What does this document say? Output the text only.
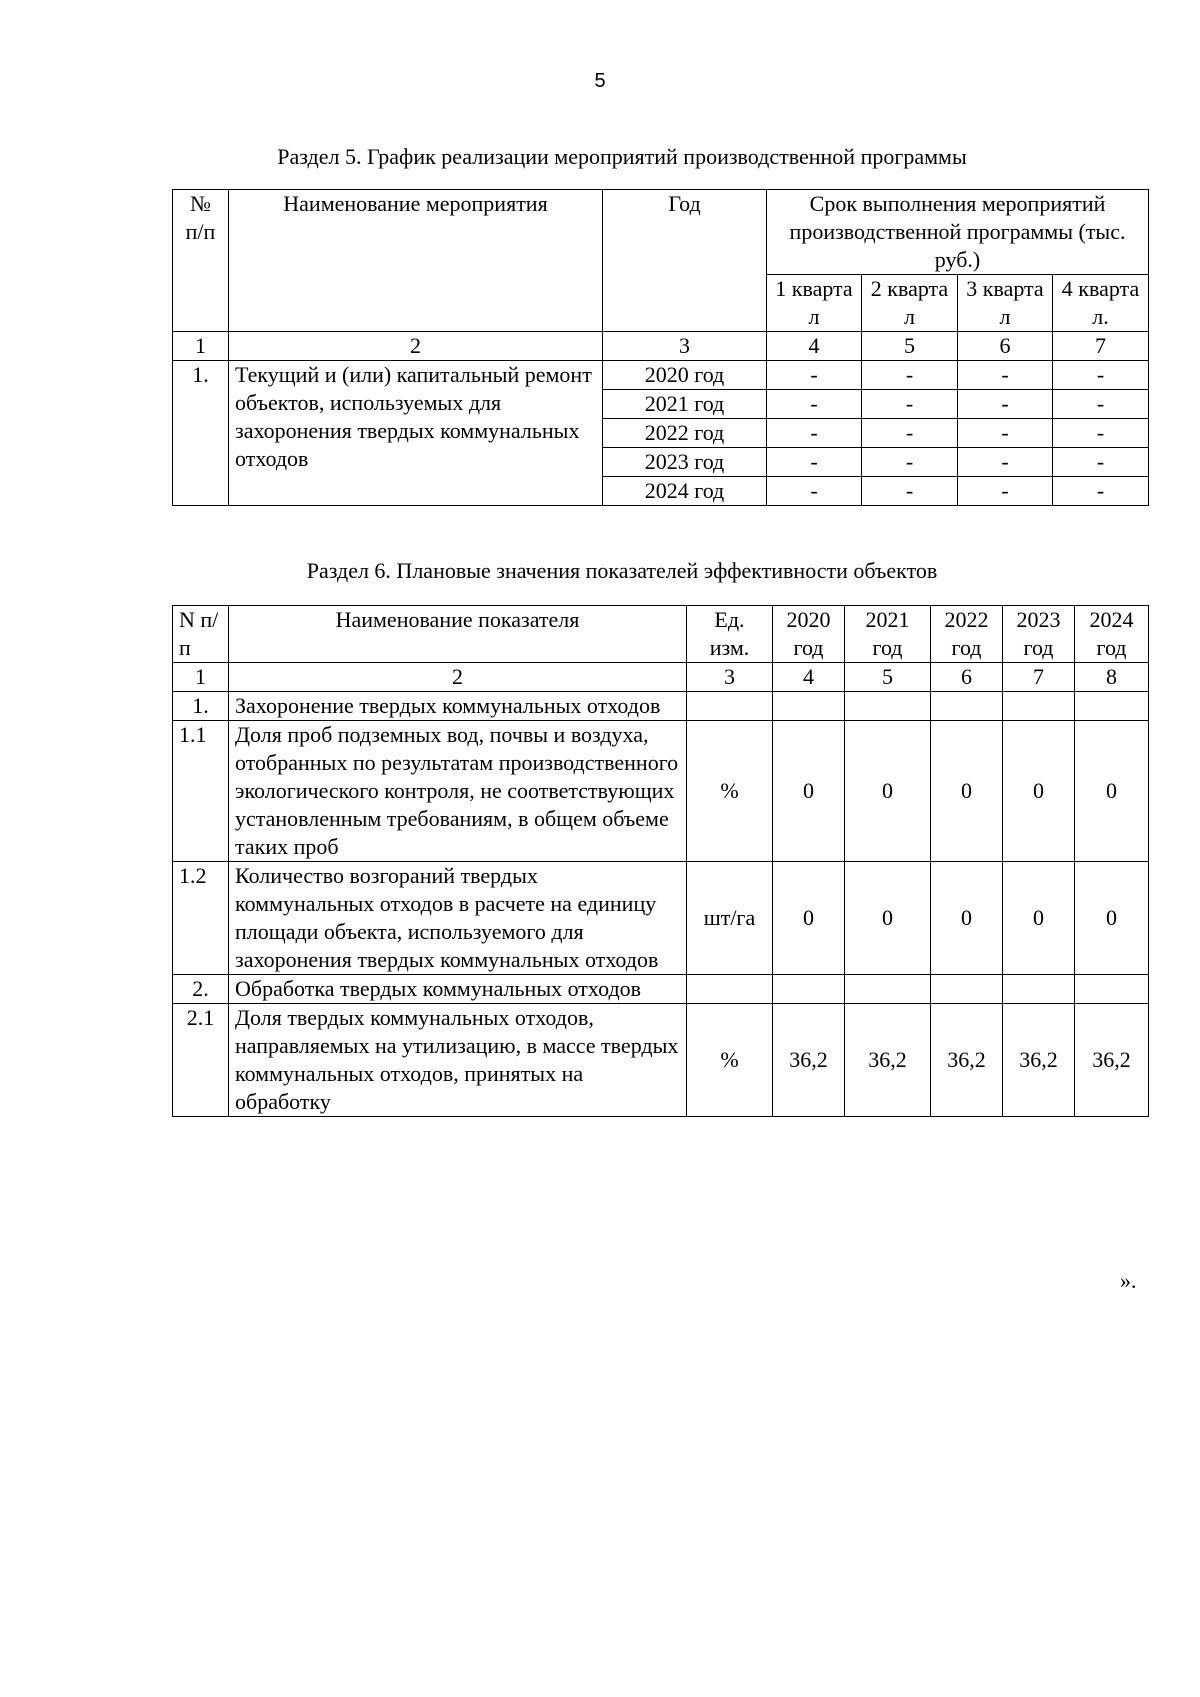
5
Раздел 5. График реализации мероприятий производственной программы
№ п/п	Наименование мероприятия	Год	Срок выполнения мероприятий производственной программы (тыс. руб.)			
			1 кварта л	2 кварта л	3 кварта л	4 кварта л.
1	2	3	4	5	6	7
1.	Текущий и (или) капитальный ремонт объектов, используемых для захоронения твердых коммунальных отходов	2020 год	-	-	-	-
		2021 год	-	-	-	-
		2022 год	-	-	-	-
		2023 год	-	-	-	-
		2024 год	-	-	-	-
Раздел 6. Плановые значения показателей эффективности объектов
N п/п	Наименование показателя	Ед. изм.	2020 год	2021 год	2022 год	2023 год	2024 год
1	2	3	4	5	6	7	8
1.	Захоронение твердых коммунальных отходов						
1.1	Доля проб подземных вод, почвы и воздуха, отобранных по результатам производственного экологического контроля, не соответствующих установленным требованиям, в общем объеме таких проб	%	0	0	0	0	0
1.2	Количество возгораний твердых коммунальных отходов в расчете на единицу площади объекта, используемого для захоронения твердых коммунальных отходов	шт/га	0	0	0	0	0
2.	Обработка твердых коммунальных отходов						
2.1	Доля твердых коммунальных отходов, направляемых на утилизацию, в массе твердых коммунальных отходов, принятых на обработку	%	36,2	36,2	36,2	36,2	36,2
».
